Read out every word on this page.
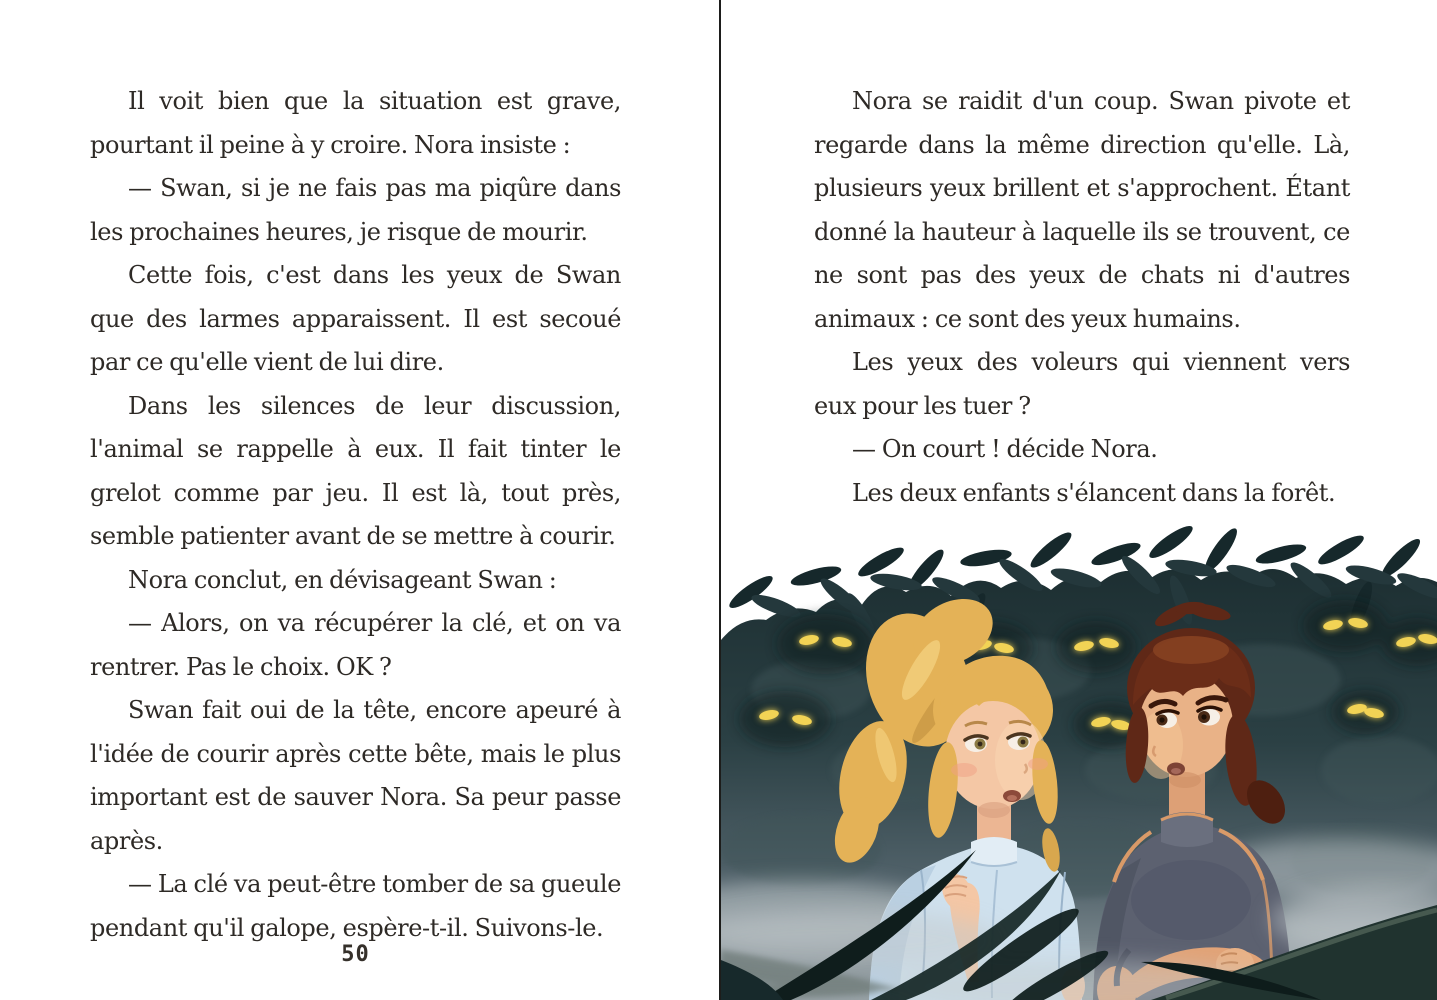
Il voit bien que la situation est grave, pourtant il peine à y croire. Nora insiste :

— Swan, si je ne fais pas ma piqûre dans les prochaines heures, je risque de mourir.

Cette fois, c'est dans les yeux de Swan que des larmes apparaissent. Il est secoué par ce qu'elle vient de lui dire.

Dans les silences de leur discussion, l'animal se rappelle à eux. Il fait tinter le grelot comme par jeu. Il est là, tout près, semble patienter avant de se mettre à courir.

Nora conclut, en dévisageant Swan :

— Alors, on va récupérer la clé, et on va rentrer. Pas le choix. OK ?

Swan fait oui de la tête, encore apeuré à l'idée de courir après cette bête, mais le plus important est de sauver Nora. Sa peur passe après.

— La clé va peut-être tomber de sa gueule pendant qu'il galope, espère-t-il. Suivons-le.

50

Nora se raidit d'un coup. Swan pivote et regarde dans la même direction qu'elle. Là, plusieurs yeux brillent et s'approchent. Étant donné la hauteur à laquelle ils se trouvent, ce ne sont pas des yeux de chats ni d'autres animaux : ce sont des yeux humains.

Les yeux des voleurs qui viennent vers eux pour les tuer ?

— On court ! décide Nora.

Les deux enfants s'élancent dans la forêt.
